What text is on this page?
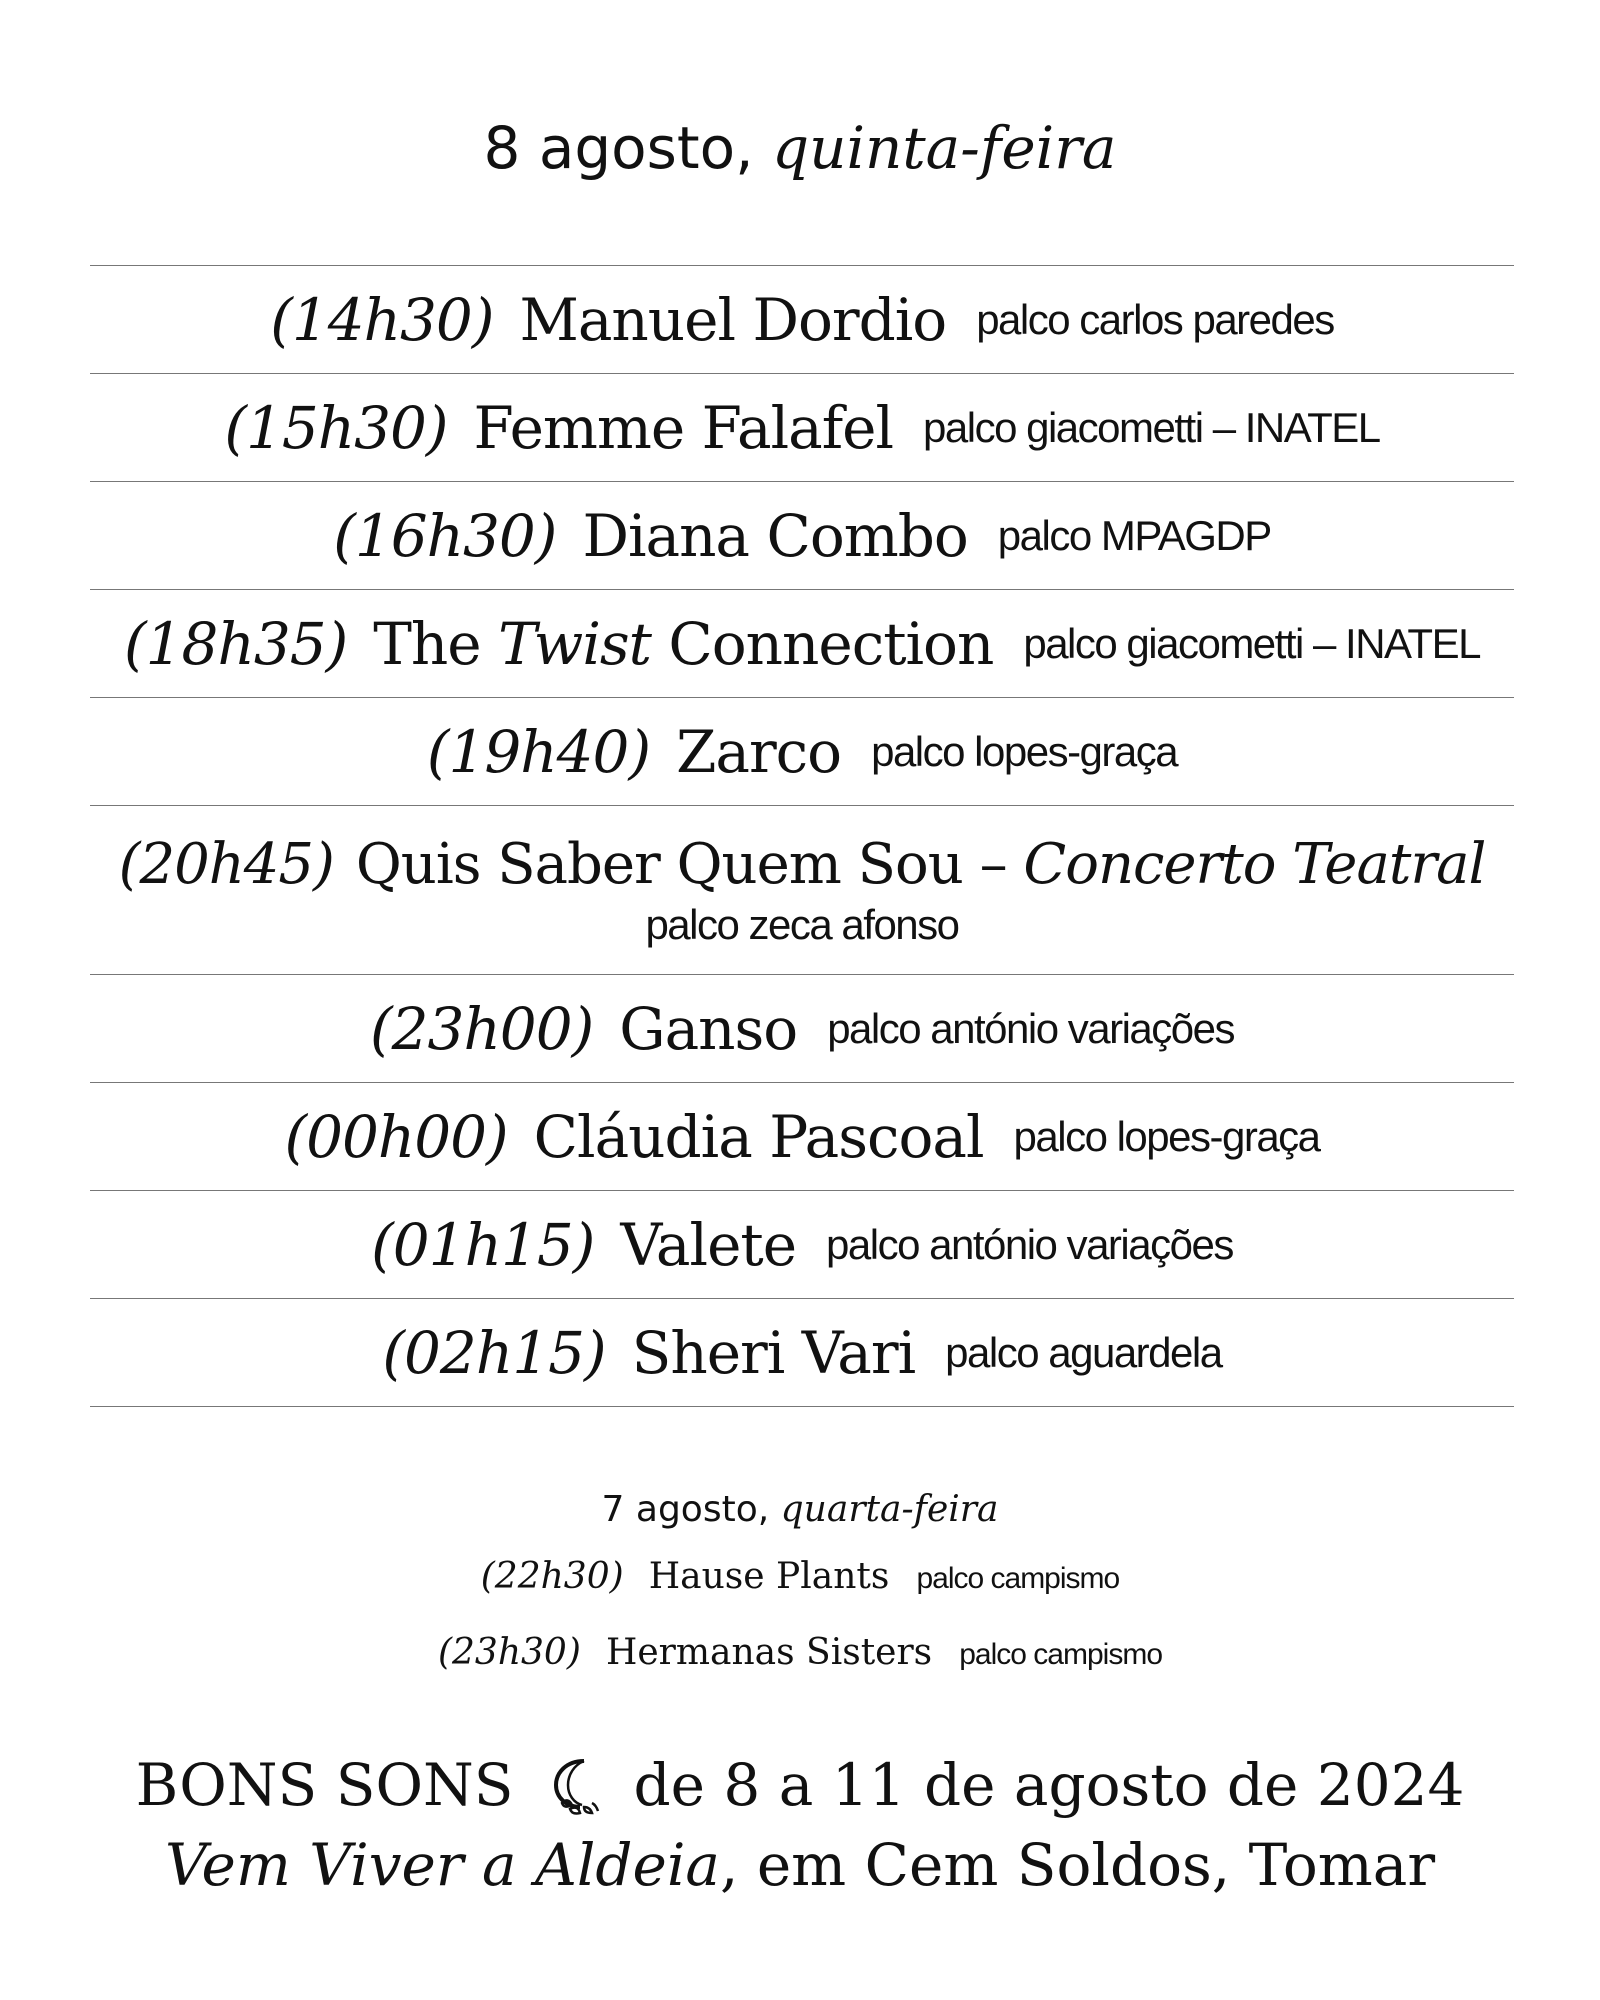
8 agosto, quinta-feira
(14h30) Manuel Dordio palco carlos paredes
(15h30) Femme Falafel palco giacometti – INATEL
(16h30) Diana Combo palco MPAGDP
(18h35) The Twist Connection palco giacometti – INATEL
(19h40) Zarco palco lopes-graça
(20h45) Quis Saber Quem Sou – Concerto Teatral
palco zeca afonso
(23h00) Ganso palco antónio variações
(00h00) Cláudia Pascoal palco lopes-graça
(01h15) Valete palco antónio variações
(02h15) Sheri Vari palco aguardela
7 agosto, quarta-feira
(22h30) Hause Plants palco campismo
(23h30) Hermanas Sisters palco campismo
BONS SONS de 8 a 11 de agosto de 2024
Vem Viver a Aldeia, em Cem Soldos, Tomar
